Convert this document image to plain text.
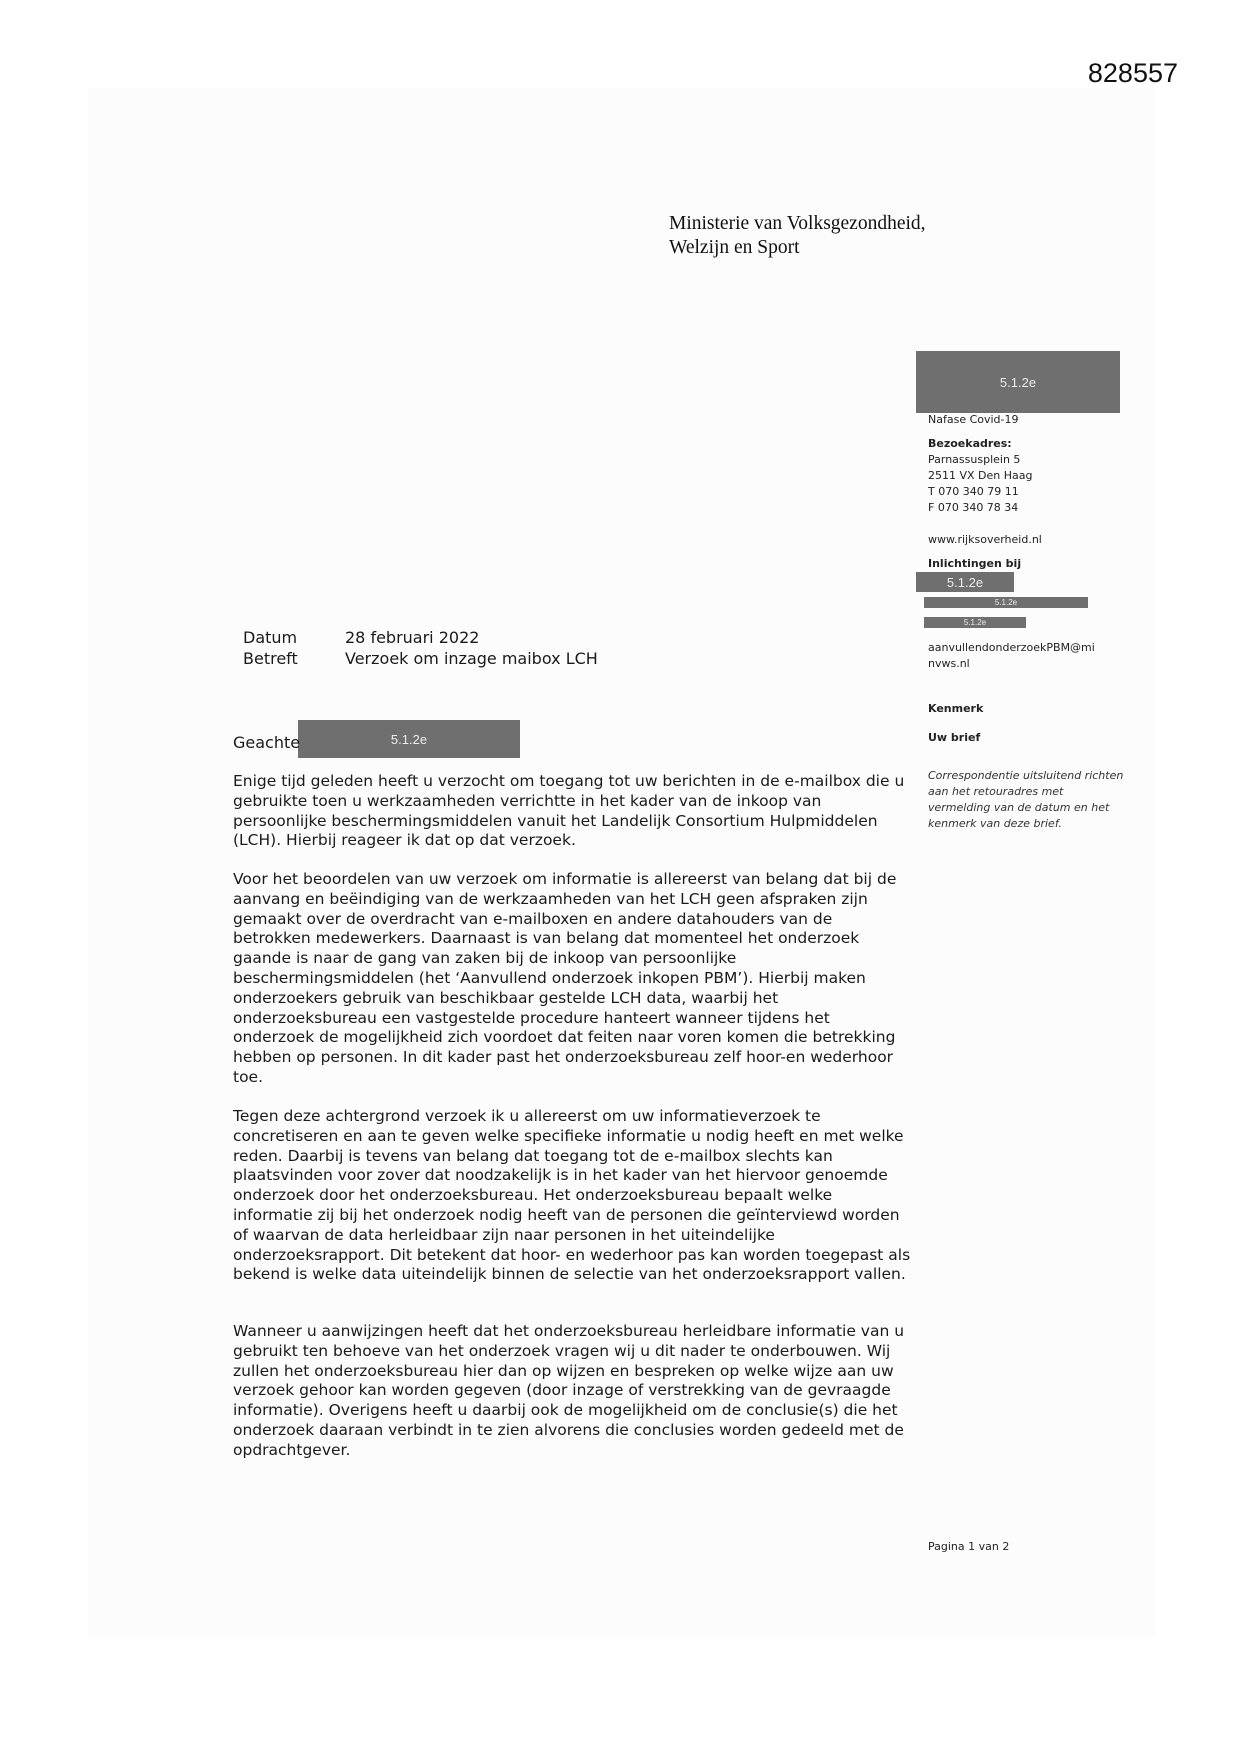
828557
Ministerie van Volksgezondheid,
Welzijn en Sport
5.1.2e
5.1.2e
5.1.2e
5.1.2e
5.1.2e
Nafase Covid-19
Bezoekadres:
Parnassusplein 5
2511 VX Den Haag
T 070 340 79 11
F 070 340 78 34
www.rijksoverheid.nl
Inlichtingen bij
aanvullendonderzoekPBM@mi
nvws.nl
Kenmerk
Uw brief
Correspondentie uitsluitend richten aan het retouradres met vermelding van de datum en het kenmerk van deze brief.
Datum	28 februari 2022
Betreft	Verzoek om inzage maibox LCH
Geachte

Enige tijd geleden heeft u verzocht om toegang tot uw berichten in de e-mailbox die u gebruikte toen u werkzaamheden verrichtte in het kader van de inkoop van persoonlijke beschermingsmiddelen vanuit het Landelijk Consortium Hulpmiddelen (LCH). Hierbij reageer ik dat op dat verzoek.

Voor het beoordelen van uw verzoek om informatie is allereerst van belang dat bij de aanvang en beëindiging van de werkzaamheden van het LCH geen afspraken zijn gemaakt over de overdracht van e-mailboxen en andere datahouders van de betrokken medewerkers. Daarnaast is van belang dat momenteel het onderzoek gaande is naar de gang van zaken bij de inkoop van persoonlijke beschermingsmiddelen (het ‘Aanvullend onderzoek inkopen PBM’). Hierbij maken onderzoekers gebruik van beschikbaar gestelde LCH data, waarbij het onderzoeksbureau een vastgestelde procedure hanteert wanneer tijdens het onderzoek de mogelijkheid zich voordoet dat feiten naar voren komen die betrekking hebben op personen. In dit kader past het onderzoeksbureau zelf hoor-en wederhoor toe.

Tegen deze achtergrond verzoek ik u allereerst om uw informatieverzoek te concretiseren en aan te geven welke specifieke informatie u nodig heeft en met welke reden. Daarbij is tevens van belang dat toegang tot de e-mailbox slechts kan plaatsvinden voor zover dat noodzakelijk is in het kader van het hiervoor genoemde onderzoek door het onderzoeksbureau. Het onderzoeksbureau bepaalt welke informatie zij bij het onderzoek nodig heeft van de personen die geïnterviewd worden of waarvan de data herleidbaar zijn naar personen in het uiteindelijke onderzoeksrapport. Dit betekent dat hoor- en wederhoor pas kan worden toegepast als bekend is welke data uiteindelijk binnen de selectie van het onderzoeksrapport vallen.

Wanneer u aanwijzingen heeft dat het onderzoeksbureau herleidbare informatie van u gebruikt ten behoeve van het onderzoek vragen wij u dit nader te onderbouwen. Wij zullen het onderzoeksbureau hier dan op wijzen en bespreken op welke wijze aan uw verzoek gehoor kan worden gegeven (door inzage of verstrekking van de gevraagde informatie). Overigens heeft u daarbij ook de mogelijkheid om de conclusie(s) die het onderzoek daaraan verbindt in te zien alvorens die conclusies worden gedeeld met de opdrachtgever.

Pagina 1 van 2
